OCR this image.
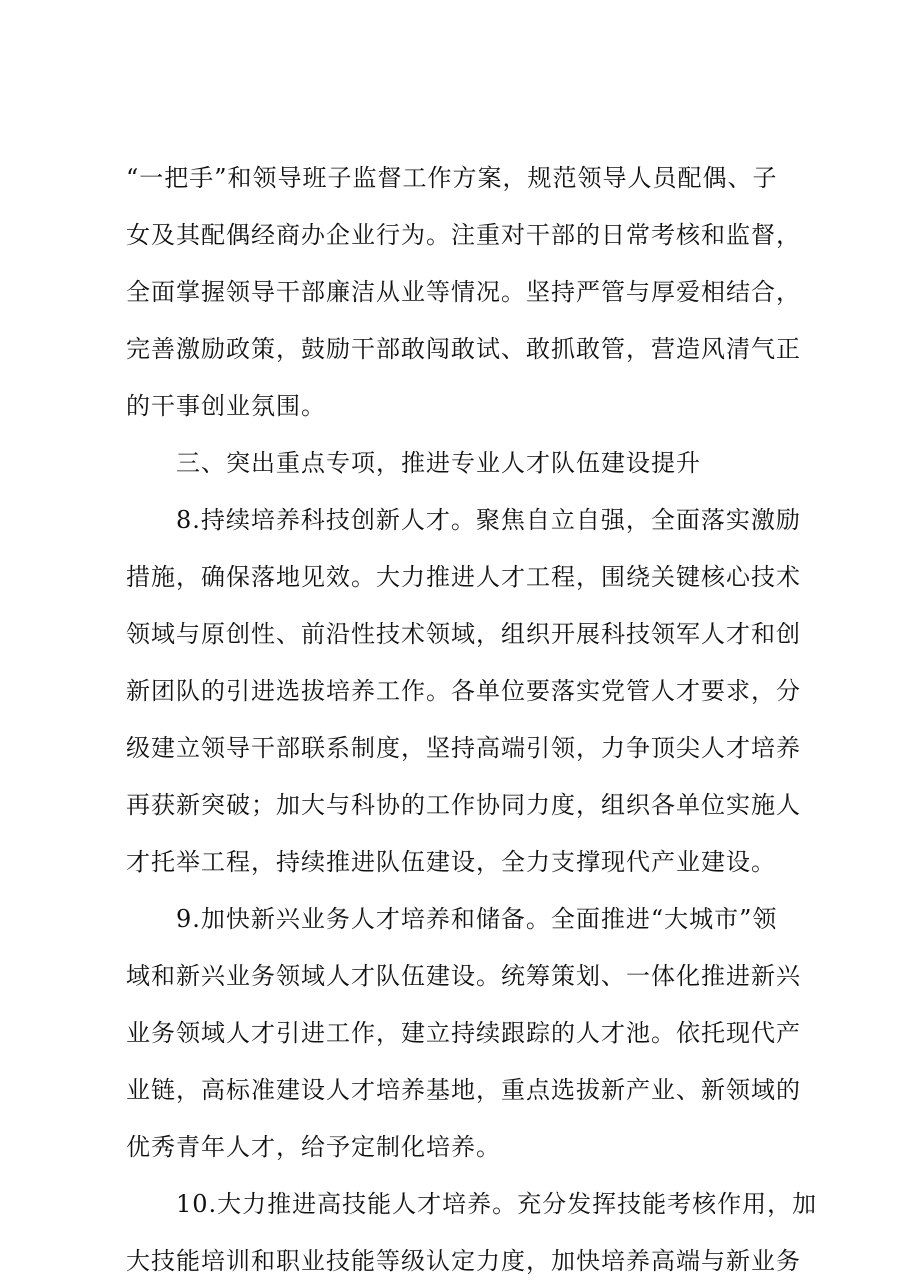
“一把手”和领导班子监督工作方案，规范领导人员配偶、子
女及其配偶经商办企业行为。注重对干部的日常考核和监督，
全面掌握领导干部廉洁从业等情况。坚持严管与厚爱相结合，
完善激励政策，鼓励干部敢闯敢试、敢抓敢管，营造风清气正
的干事创业氛围。
三、突出重点专项，推进专业人才队伍建设提升
8.持续培养科技创新人才。聚焦自立自强，全面落实激励
措施，确保落地见效。大力推进人才工程，围绕关键核心技术
领域与原创性、前沿性技术领域，组织开展科技领军人才和创
新团队的引进选拔培养工作。各单位要落实党管人才要求，分
级建立领导干部联系制度，坚持高端引领，力争顶尖人才培养
再获新突破；加大与科协的工作协同力度，组织各单位实施人
才托举工程，持续推进队伍建设，全力支撑现代产业建设。
9.加快新兴业务人才培养和储备。全面推进“大城市”领
域和新兴业务领域人才队伍建设。统筹策划、一体化推进新兴
业务领域人才引进工作，建立持续跟踪的人才池。依托现代产
业链，高标准建设人才培养基地，重点选拔新产业、新领域的
优秀青年人才，给予定制化培养。
10.大力推进高技能人才培养。充分发挥技能考核作用，加
大技能培训和职业技能等级认定力度，加快培养高端与新业务
